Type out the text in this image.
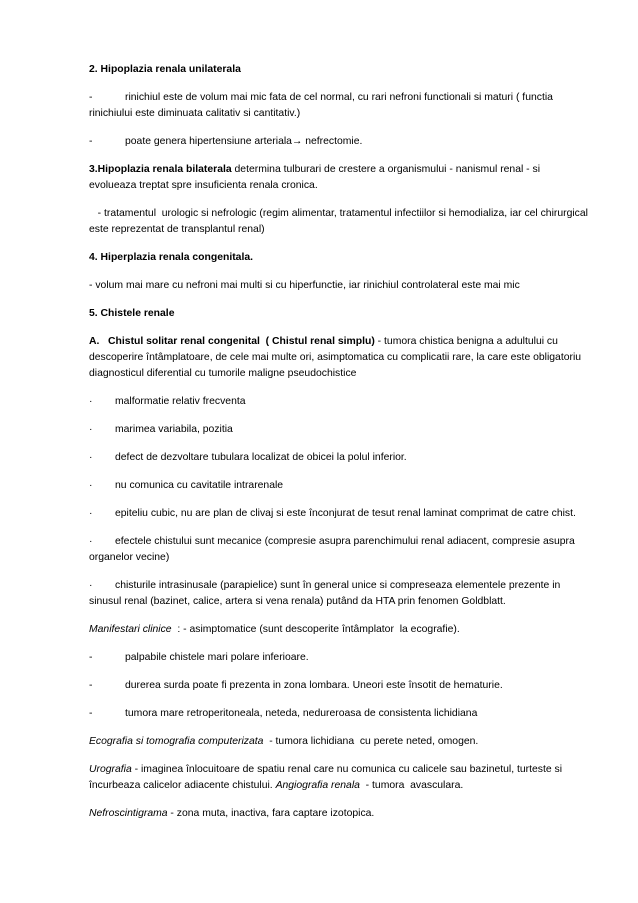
2. Hipoplazia renala unilaterala

-	rinichiul este de volum mai mic fata de cel normal, cu rari nefroni functionali si maturi ( functia rinichiului este diminuata calitativ si cantitativ.)

-	poate genera hipertensiune arteriala→ nefrectomie.

3.Hipoplazia renala bilaterala determina tulburari de crestere a organismului - nanismul renal - si evolueaza treptat spre insuficienta renala cronica.

- tratamentul  urologic si nefrologic (regim alimentar, tratamentul infectiilor si hemodializa, iar cel chirurgical este reprezentat de transplantul renal)

4. Hiperplazia renala congenitala.

- volum mai mare cu nefroni mai multi si cu hiperfunctie, iar rinichiul controlateral este mai mic

5. Chistele renale

A.   Chistul solitar renal congenital  ( Chistul renal simplu) - tumora chistica benigna a adultului cu descoperire întâmplatoare, de cele mai multe ori, asimptomatica cu complicatii rare, la care este obligatoriu diagnosticul diferential cu tumorile maligne pseudochistice

· malformatie relativ frecventa

· marimea variabila, pozitia

· defect de dezvoltare tubulara localizat de obicei la polul inferior.

· nu comunica cu cavitatile intrarenale

· epiteliu cubic, nu are plan de clivaj si este înconjurat de tesut renal laminat comprimat de catre chist.

· efectele chistului sunt mecanice (compresie asupra parenchimului renal adiacent, compresie asupra organelor vecine)

· chisturile intrasinusale (parapielice) sunt în general unice si compreseaza elementele prezente in sinusul renal (bazinet, calice, artera si vena renala) putând da HTA prin fenomen Goldblatt.

Manifestari clinice  : - asimptomatice (sunt descoperite întâmplator  la ecografie).

-	palpabile chistele mari polare inferioare.

-	durerea surda poate fi prezenta in zona lombara. Uneori este însotit de hematurie.

-	tumora mare retroperitoneala, neteda, nedureroasa de consistenta lichidiana

Ecografia si tomografia computerizata  - tumora lichidiana  cu perete neted, omogen.

Urografia - imaginea înlocuitoare de spatiu renal care nu comunica cu calicele sau bazinetul, turteste si încurbeaza calicelor adiacente chistului. Angiografia renala  - tumora  avasculara.

Nefroscintigrama - zona muta, inactiva, fara captare izotopica.
